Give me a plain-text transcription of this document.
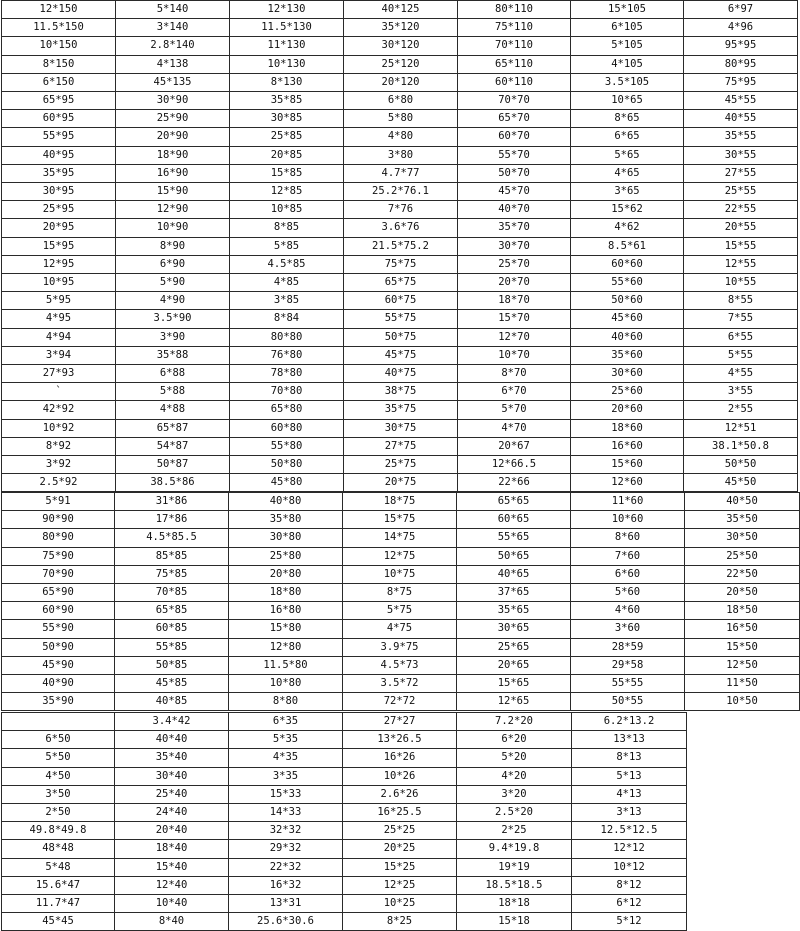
12*150	5*140	12*130	40*125	80*110	15*105	6*97
11.5*150	3*140	11.5*130	35*120	75*110	6*105	4*96
10*150	2.8*140	11*130	30*120	70*110	5*105	95*95
8*150	4*138	10*130	25*120	65*110	4*105	80*95
6*150	45*135	8*130	20*120	60*110	3.5*105	75*95
65*95	30*90	35*85	6*80	70*70	10*65	45*55
60*95	25*90	30*85	5*80	65*70	8*65	40*55
55*95	20*90	25*85	4*80	60*70	6*65	35*55
40*95	18*90	20*85	3*80	55*70	5*65	30*55
35*95	16*90	15*85	4.7*77	50*70	4*65	27*55
30*95	15*90	12*85	25.2*76.1	45*70	3*65	25*55
25*95	12*90	10*85	7*76	40*70	15*62	22*55
20*95	10*90	8*85	3.6*76	35*70	4*62	20*55
15*95	8*90	5*85	21.5*75.2	30*70	8.5*61	15*55
12*95	6*90	4.5*85	75*75	25*70	60*60	12*55
10*95	5*90	4*85	65*75	20*70	55*60	10*55
5*95	4*90	3*85	60*75	18*70	50*60	8*55
4*95	3.5*90	8*84	55*75	15*70	45*60	7*55
4*94	3*90	80*80	50*75	12*70	40*60	6*55
3*94	35*88	76*80	45*75	10*70	35*60	5*55
27*93	6*88	78*80	40*75	8*70	30*60	4*55
`	5*88	70*80	38*75	6*70	25*60	3*55
42*92	4*88	65*80	35*75	5*70	20*60	2*55
10*92	65*87	60*80	30*75	4*70	18*60	12*51
8*92	54*87	55*80	27*75	20*67	16*60	38.1*50.8
3*92	50*87	50*80	25*75	12*66.5	15*60	50*50
2.5*92	38.5*86	45*80	20*75	22*66	12*60	45*50
5*91	31*86	40*80	18*75	65*65	11*60	40*50
90*90	17*86	35*80	15*75	60*65	10*60	35*50
80*90	4.5*85.5	30*80	14*75	55*65	8*60	30*50
75*90	85*85	25*80	12*75	50*65	7*60	25*50
70*90	75*85	20*80	10*75	40*65	6*60	22*50
65*90	70*85	18*80	8*75	37*65	5*60	20*50
60*90	65*85	16*80	5*75	35*65	4*60	18*50
55*90	60*85	15*80	4*75	30*65	3*60	16*50
50*90	55*85	12*80	3.9*75	25*65	28*59	15*50
45*90	50*85	11.5*80	4.5*73	20*65	29*58	12*50
40*90	45*85	10*80	3.5*72	15*65	55*55	11*50
35*90	40*85	8*80	72*72	12*65	50*55	10*50
	3.4*42	6*35	27*27	7.2*20	6.2*13.2
6*50	40*40	5*35	13*26.5	6*20	13*13
5*50	35*40	4*35	16*26	5*20	8*13
4*50	30*40	3*35	10*26	4*20	5*13
3*50	25*40	15*33	2.6*26	3*20	4*13
2*50	24*40	14*33	16*25.5	2.5*20	3*13
49.8*49.8	20*40	32*32	25*25	2*25	12.5*12.5
48*48	18*40	29*32	20*25	9.4*19.8	12*12
5*48	15*40	22*32	15*25	19*19	10*12
15.6*47	12*40	16*32	12*25	18.5*18.5	8*12
11.7*47	10*40	13*31	10*25	18*18	6*12
45*45	8*40	25.6*30.6	8*25	15*18	5*12
